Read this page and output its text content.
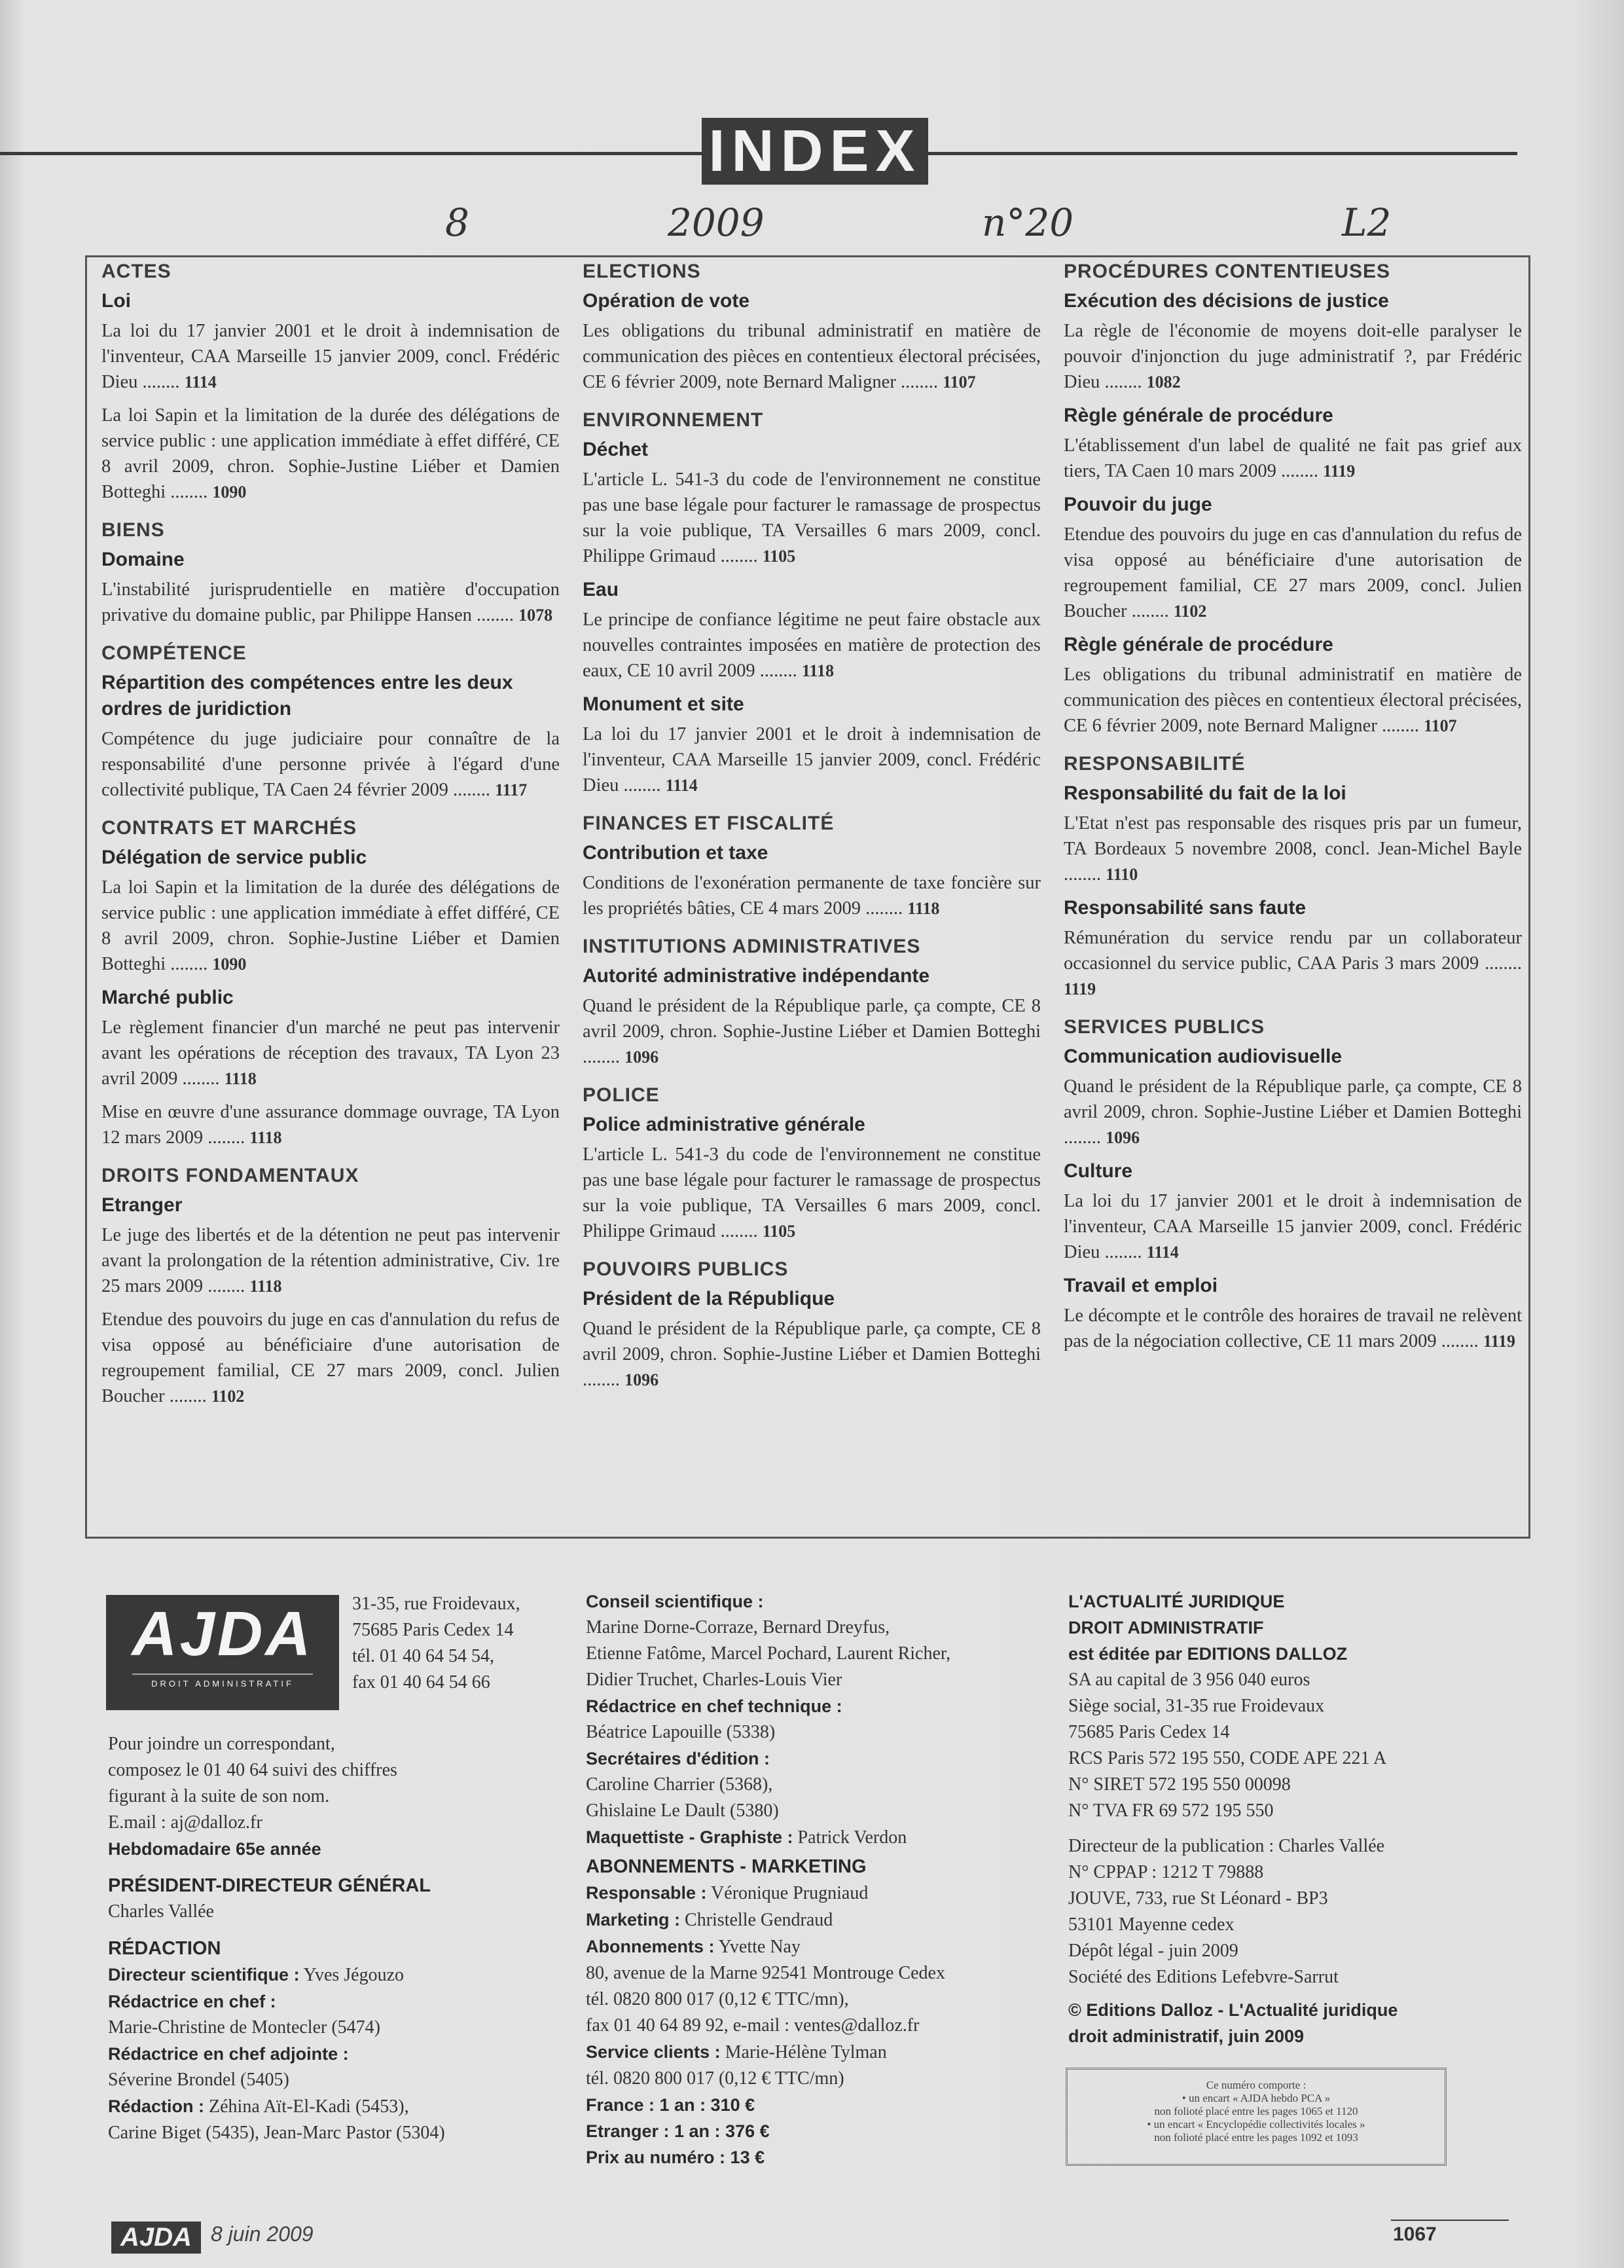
INDEX
8	2009	n°20	L2
ACTES
Loi
La loi du 17 janvier 2001 et le droit à indemnisation de l'inventeur, CAA Marseille 15 janvier 2009, concl. Frédéric Dieu ........ 1114
La loi Sapin et la limitation de la durée des délégations de service public : une application immédiate à effet différé, CE 8 avril 2009, chron. Sophie-Justine Liéber et Damien Botteghi ........ 1090
BIENS
Domaine
L'instabilité jurisprudentielle en matière d'occupation privative du domaine public, par Philippe Hansen ........ 1078
COMPÉTENCE
Répartition des compétences entre les deux ordres de juridiction
Compétence du juge judiciaire pour connaître de la responsabilité d'une personne privée à l'égard d'une collectivité publique, TA Caen 24 février 2009 ........ 1117
CONTRATS ET MARCHÉS
Délégation de service public
La loi Sapin et la limitation de la durée des délégations de service public : une application immédiate à effet différé, CE 8 avril 2009, chron. Sophie-Justine Liéber et Damien Botteghi ........ 1090
Marché public
Le règlement financier d'un marché ne peut pas intervenir avant les opérations de réception des travaux, TA Lyon 23 avril 2009 ........ 1118
Mise en œuvre d'une assurance dommage ouvrage, TA Lyon 12 mars 2009 ........ 1118
DROITS FONDAMENTAUX
Etranger
Le juge des libertés et de la détention ne peut pas intervenir avant la prolongation de la rétention administrative, Civ. 1re 25 mars 2009 ........ 1118
Etendue des pouvoirs du juge en cas d'annulation du refus de visa opposé au bénéficiaire d'une autorisation de regroupement familial, CE 27 mars 2009, concl. Julien Boucher ........ 1102
ELECTIONS
Opération de vote
Les obligations du tribunal administratif en matière de communication des pièces en contentieux électoral précisées, CE 6 février 2009, note Bernard Maligner ........ 1107
ENVIRONNEMENT
Déchet
L'article L. 541-3 du code de l'environnement ne constitue pas une base légale pour facturer le ramassage de prospectus sur la voie publique, TA Versailles 6 mars 2009, concl. Philippe Grimaud ........ 1105
Eau
Le principe de confiance légitime ne peut faire obstacle aux nouvelles contraintes imposées en matière de protection des eaux, CE 10 avril 2009 ........ 1118
Monument et site
La loi du 17 janvier 2001 et le droit à indemnisation de l'inventeur, CAA Marseille 15 janvier 2009, concl. Frédéric Dieu ........ 1114
FINANCES ET FISCALITÉ
Contribution et taxe
Conditions de l'exonération permanente de taxe foncière sur les propriétés bâties, CE 4 mars 2009 ........ 1118
INSTITUTIONS ADMINISTRATIVES
Autorité administrative indépendante
Quand le président de la République parle, ça compte, CE 8 avril 2009, chron. Sophie-Justine Liéber et Damien Botteghi ........ 1096
POLICE
Police administrative générale
L'article L. 541-3 du code de l'environnement ne constitue pas une base légale pour facturer le ramassage de prospectus sur la voie publique, TA Versailles 6 mars 2009, concl. Philippe Grimaud ........ 1105
POUVOIRS PUBLICS
Président de la République
Quand le président de la République parle, ça compte, CE 8 avril 2009, chron. Sophie-Justine Liéber et Damien Botteghi ........ 1096
PROCÉDURES CONTENTIEUSES
Exécution des décisions de justice
La règle de l'économie de moyens doit-elle paralyser le pouvoir d'injonction du juge administratif ?, par Frédéric Dieu ........ 1082
Règle générale de procédure
L'établissement d'un label de qualité ne fait pas grief aux tiers, TA Caen 10 mars 2009 ........ 1119
Pouvoir du juge
Etendue des pouvoirs du juge en cas d'annulation du refus de visa opposé au bénéficiaire d'une autorisation de regroupement familial, CE 27 mars 2009, concl. Julien Boucher ........ 1102
Règle générale de procédure
Les obligations du tribunal administratif en matière de communication des pièces en contentieux électoral précisées, CE 6 février 2009, note Bernard Maligner ........ 1107
RESPONSABILITÉ
Responsabilité du fait de la loi
L'Etat n'est pas responsable des risques pris par un fumeur, TA Bordeaux 5 novembre 2008, concl. Jean-Michel Bayle ........ 1110
Responsabilité sans faute
Rémunération du service rendu par un collaborateur occasionnel du service public, CAA Paris 3 mars 2009 ........ 1119
SERVICES PUBLICS
Communication audiovisuelle
Quand le président de la République parle, ça compte, CE 8 avril 2009, chron. Sophie-Justine Liéber et Damien Botteghi ........ 1096
Culture
La loi du 17 janvier 2001 et le droit à indemnisation de l'inventeur, CAA Marseille 15 janvier 2009, concl. Frédéric Dieu ........ 1114
Travail et emploi
Le décompte et le contrôle des horaires de travail ne relèvent pas de la négociation collective, CE 11 mars 2009 ........ 1119
AJDA
DROIT ADMINISTRATIF
31-35, rue Froidevaux,
75685 Paris Cedex 14
tél. 01 40 64 54 54,
fax 01 40 64 54 66
Pour joindre un correspondant,
composez le 01 40 64 suivi des chiffres
figurant à la suite de son nom.
E.mail : aj@dalloz.fr
Hebdomadaire 65e année
PRÉSIDENT-DIRECTEUR GÉNÉRAL
Charles Vallée
RÉDACTION
Directeur scientifique : Yves Jégouzo
Rédactrice en chef :
Marie-Christine de Montecler (5474)
Rédactrice en chef adjointe :
Séverine Brondel (5405)
Rédaction : Zéhina Aït-El-Kadi (5453),
Carine Biget (5435), Jean-Marc Pastor (5304)
Conseil scientifique :
Marine Dorne-Corraze, Bernard Dreyfus,
Etienne Fatôme, Marcel Pochard, Laurent Richer,
Didier Truchet, Charles-Louis Vier
Rédactrice en chef technique :
Béatrice Lapouille (5338)
Secrétaires d'édition :
Caroline Charrier (5368),
Ghislaine Le Dault (5380)
Maquettiste - Graphiste : Patrick Verdon
ABONNEMENTS - MARKETING
Responsable : Véronique Prugniaud
Marketing : Christelle Gendraud
Abonnements : Yvette Nay
80, avenue de la Marne 92541 Montrouge Cedex
tél. 0820 800 017 (0,12 € TTC/mn),
fax 01 40 64 89 92, e-mail : ventes@dalloz.fr
Service clients : Marie-Hélène Tylman
tél. 0820 800 017 (0,12 € TTC/mn)
France : 1 an : 310 €
Etranger : 1 an : 376 €
Prix au numéro : 13 €
L'ACTUALITÉ JURIDIQUE
DROIT ADMINISTRATIF
est éditée par EDITIONS DALLOZ
SA au capital de 3 956 040 euros
Siège social, 31-35 rue Froidevaux
75685 Paris Cedex 14
RCS Paris 572 195 550, CODE APE 221 A
N° SIRET 572 195 550 00098
N° TVA FR 69 572 195 550
Directeur de la publication : Charles Vallée
N° CPPAP : 1212 T 79888
JOUVE, 733, rue St Léonard - BP3
53101 Mayenne cedex
Dépôt légal - juin 2009
Société des Editions Lefebvre-Sarrut
© Editions Dalloz - L'Actualité juridique
droit administratif, juin 2009
Ce numéro comporte :
• un encart « AJDA hebdo PCA »
non folioté placé entre les pages 1065 et 1120
• un encart « Encyclopédie collectivités locales »
non folioté placé entre les pages 1092 et 1093
AJDA 8 juin 2009	1067
